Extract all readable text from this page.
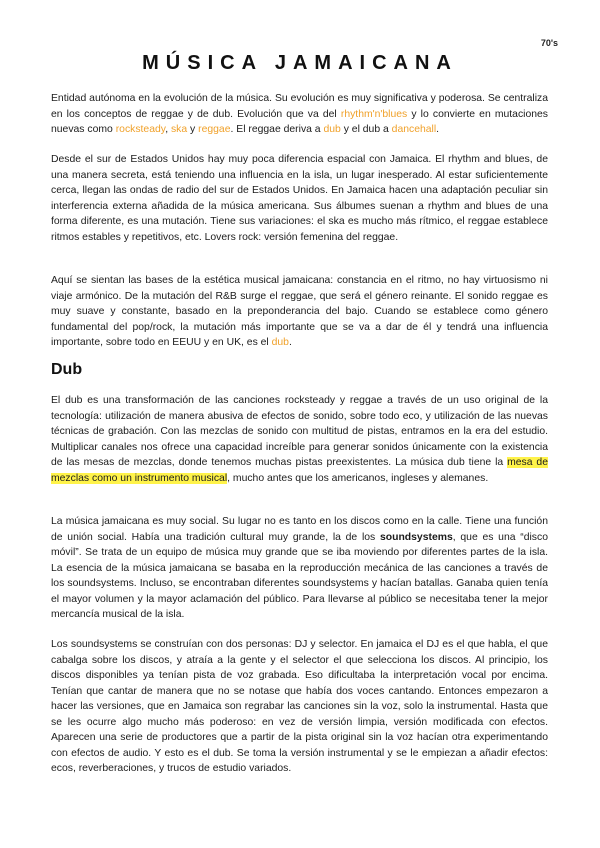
70's
MÚSICA JAMAICANA

Entidad autónoma en la evolución de la música. Su evolución es muy significativa y poderosa. Se centraliza en los conceptos de reggae y de dub. Evolución que va del rhythm'n'blues y lo convierte en mutaciones nuevas como rocksteady, ska y reggae. El reggae deriva a dub y el dub a dancehall.

Desde el sur de Estados Unidos hay muy poca diferencia espacial con Jamaica. El rhythm and blues, de una manera secreta, está teniendo una influencia en la isla, un lugar inesperado. Al estar suficientemente cerca, llegan las ondas de radio del sur de Estados Unidos. En Jamaica hacen una adaptación peculiar sin interferencia externa añadida de la música americana. Sus álbumes suenan a rhythm and blues de una forma diferente, es una mutación. Tiene sus variaciones: el ska es mucho más rítmico, el reggae establece ritmos estables y repetitivos, etc. Lovers rock: versión femenina del reggae.

Aquí se sientan las bases de la estética musical jamaicana: constancia en el ritmo, no hay virtuosismo ni viaje armónico. De la mutación del R&B surge el reggae, que será el género reinante. El sonido reggae es muy suave y constante, basado en la preponderancia del bajo. Cuando se establece como género fundamental del pop/rock, la mutación más importante que se va a dar de él y tendrá una influencia importante, sobre todo en EEUU y en UK, es el dub.

Dub

El dub es una transformación de las canciones rocksteady y reggae a través de un uso original de la tecnología: utilización de manera abusiva de efectos de sonido, sobre todo eco, y utilización de las nuevas técnicas de grabación. Con las mezclas de sonido con multitud de pistas, entramos en la era del estudio. Multiplicar canales nos ofrece una capacidad increíble para generar sonidos únicamente con la existencia de las mesas de mezclas, donde tenemos muchas pistas preexistentes. La música dub tiene la mesa de mezclas como un instrumento musical, mucho antes que los americanos, ingleses y alemanes.

La música jamaicana es muy social. Su lugar no es tanto en los discos como en la calle. Tiene una función de unión social. Había una tradición cultural muy grande, la de los soundsystems, que es una “disco móvil”. Se trata de un equipo de música muy grande que se iba moviendo por diferentes partes de la isla. La esencia de la música jamaicana se basaba en la reproducción mecánica de las canciones a través de los soundsystems. Incluso, se encontraban diferentes soundsystems y hacían batallas. Ganaba quien tenía el mayor volumen y la mayor aclamación del público. Para llevarse al público se necesitaba tener la mejor mercancía musical de la isla.

Los soundsystems se construían con dos personas: DJ y selector. En jamaica el DJ es el que habla, el que cabalga sobre los discos, y atraía a la gente y el selector el que selecciona los discos. Al principio, los discos disponibles ya tenían pista de voz grabada. Eso dificultaba la interpretación vocal por encima. Tenían que cantar de manera que no se notase que había dos voces cantando. Entonces empezaron a hacer las versiones, que en Jamaica son regrabar las canciones sin la voz, solo la instrumental. Hasta que se les ocurre algo mucho más poderoso: en vez de versión limpia, versión modificada con efectos. Aparecen una serie de productores que a partir de la pista original sin la voz hacían otra experimentando con efectos de audio. Y esto es el dub. Se toma la versión instrumental y se le empiezan a añadir efectos: ecos, reverberaciones, y trucos de estudio variados.
